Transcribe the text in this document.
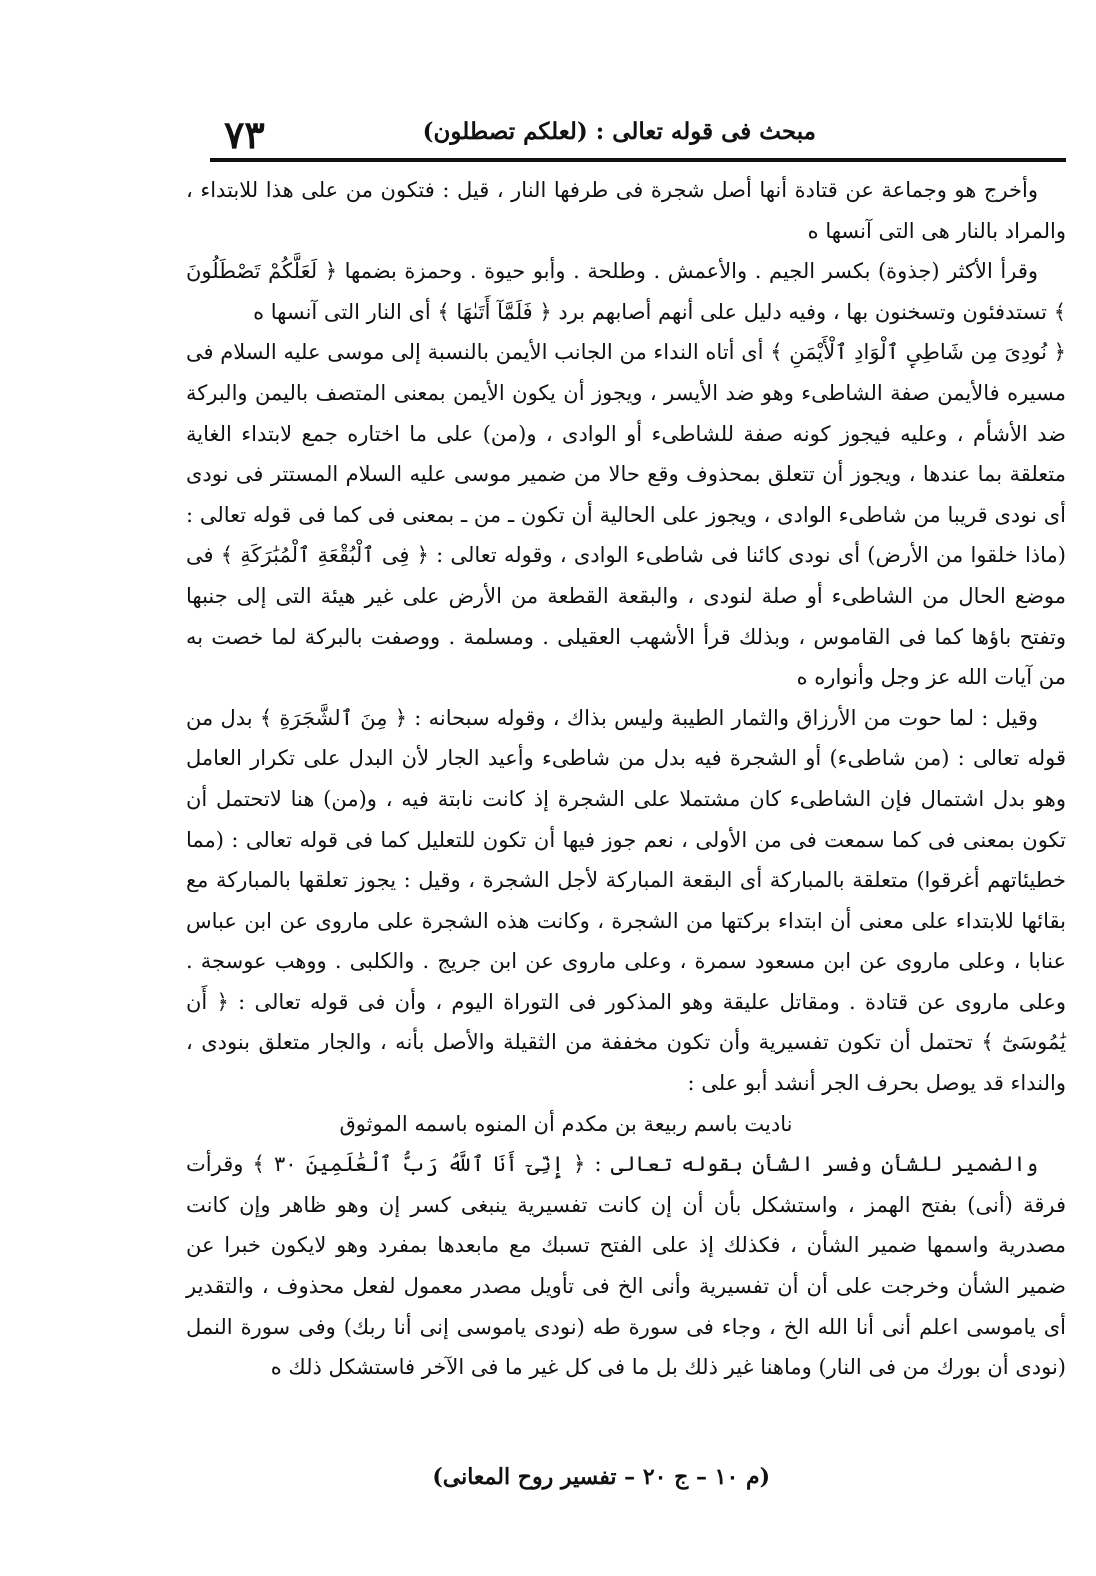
٧٣	مبحث فى قوله تعالى : (لعلكم تصطلون)

وأخرج هو وجماعة عن قتادة أنها أصل شجرة فى طرفها النار ، قيل : فتكون من على هذا للابتداء ، والمراد بالنار هى التى آنسها ه

وقرأ الأكثر (جذوة) بكسر الجيم . والأعمش . وطلحة . وأبو حيوة . وحمزة بضمها ﴿ لَعَلَّكُمْ تَصْطَلُونَ ﴾ تستدفئون وتسخنون بها ، وفيه دليل على أنهم أصابهم برد ﴿ فَلَمَّآ أَتَىٰهَا ﴾ أى النار التى آنسها ه

﴿ نُودِىَ مِن شَاطِىِٕ ٱلْوَادِ ٱلْأَيْمَنِ ﴾ أى أتاه النداء من الجانب الأيمن بالنسبة إلى موسى عليه السلام فى مسيره فالأيمن صفة الشاطىء وهو ضد الأيسر ، ويجوز أن يكون الأيمن بمعنى المتصف باليمن والبركة ضد الأشأم ، وعليه فيجوز كونه صفة للشاطىء أو الوادى ، و(من) على ما اختاره جمع لابتداء الغاية متعلقة بما عندها ، ويجوز أن تتعلق بمحذوف وقع حالا من ضمير موسى عليه السلام المستتر فى نودى أى نودى قريبا من شاطىء الوادى ، ويجوز على الحالية أن تكون ـ من ـ بمعنى فى كما فى قوله تعالى : (ماذا خلقوا من الأرض) أى نودى كائنا فى شاطىء الوادى ، وقوله تعالى : ﴿ فِى ٱلْبُقْعَةِ ٱلْمُبَٰرَكَةِ ﴾ فى موضع الحال من الشاطىء أو صلة لنودى ، والبقعة القطعة من الأرض على غير هيئة التى إلى جنبها وتفتح باؤها كما فى القاموس ، وبذلك قرأ الأشهب العقيلى . ومسلمة . ووصفت بالبركة لما خصت به من آيات الله عز وجل وأنواره ه

وقيل : لما حوت من الأرزاق والثمار الطيبة وليس بذاك ، وقوله سبحانه : ﴿ مِنَ ٱلشَّجَرَةِ ﴾ بدل من قوله تعالى : (من شاطىء) أو الشجرة فيه بدل من شاطىء وأعيد الجار لأن البدل على تكرار العامل وهو بدل اشتمال فإن الشاطىء كان مشتملا على الشجرة إذ كانت نابتة فيه ، و(من) هنا لاتحتمل أن تكون بمعنى فى كما سمعت فى من الأولى ، نعم جوز فيها أن تكون للتعليل كما فى قوله تعالى : (مما خطيئاتهم أغرقوا) متعلقة بالمباركة أى البقعة المباركة لأجل الشجرة ، وقيل : يجوز تعلقها بالمباركة مع بقائها للابتداء على معنى أن ابتداء بركتها من الشجرة ، وكانت هذه الشجرة على ماروى عن ابن عباس عنابا ، وعلى ماروى عن ابن مسعود سمرة ، وعلى ماروى عن ابن جريج . والكلبى . ووهب عوسجة . وعلى ماروى عن قتادة . ومقاتل عليقة وهو المذكور فى التوراة اليوم ، وأن فى قوله تعالى : ﴿ أَن يَٰمُوسَىٰٓ ﴾ تحتمل أن تكون تفسيرية وأن تكون مخففة من الثقيلة والأصل بأنه ، والجار متعلق بنودى ، والنداء قد يوصل بحرف الجر أنشد أبو على :

ناديت باسم ربيعة بن مكدم أن المنوه باسمه الموثوق

والضمير للشأن وفسر الشأن بقوله تعالى : ﴿ إِنِّىٓ أَنَا ٱللَّهُ رَبُّ ٱلْعَٰلَمِينَ ٣٠ ﴾ وقرأت فرقة (أنى) بفتح الهمز ، واستشكل بأن أن إن كانت تفسيرية ينبغى كسر إن وهو ظاهر وإن كانت مصدرية واسمها ضمير الشأن ، فكذلك إذ على الفتح تسبك مع مابعدها بمفرد وهو لايكون خبرا عن ضمير الشأن وخرجت على أن أن تفسيرية وأنى الخ فى تأويل مصدر معمول لفعل محذوف ، والتقدير أى ياموسى اعلم أنى أنا الله الخ ، وجاء فى سورة طه (نودى ياموسى إنى أنا ربك) وفى سورة النمل (نودى أن بورك من فى النار) وماهنا غير ذلك بل ما فى كل غير ما فى الآخر فاستشكل ذلك ه

(م ١٠ – ج ٢٠ – تفسير روح المعانى)
